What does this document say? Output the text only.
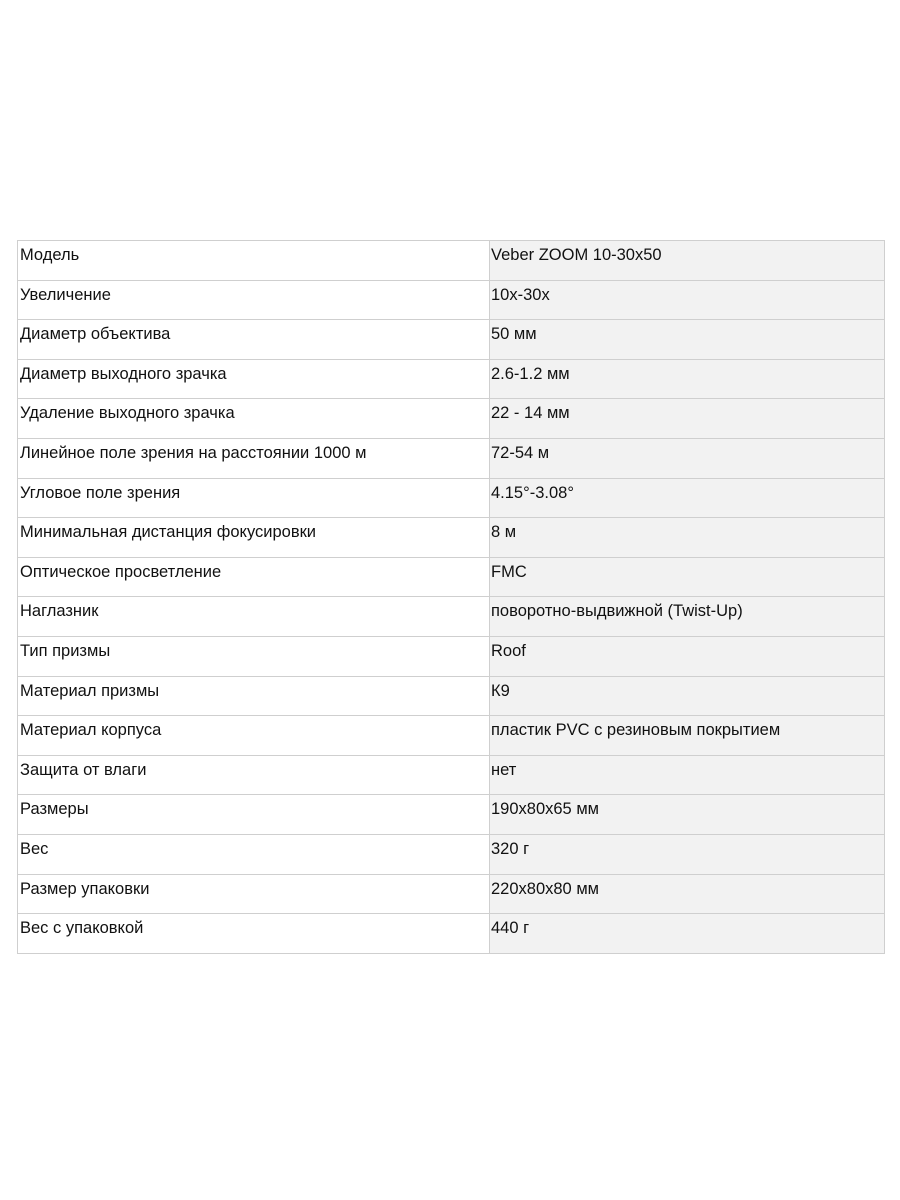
Модель	Veber ZOOM 10-30x50
Увеличение	10x-30x
Диаметр объектива	50 мм
Диаметр выходного зрачка	2.6-1.2 мм
Удаление выходного зрачка	22 - 14 мм
Линейное поле зрения на расстоянии 1000 м	72-54 м
Угловое поле зрения	4.15°-3.08°
Минимальная дистанция фокусировки	8 м
Оптическое просветление	FMC
Наглазник	поворотно-выдвижной (Twist-Up)
Тип призмы	Roof
Материал призмы	К9
Материал корпуса	пластик PVC с резиновым покрытием
Защита от влаги	нет
Размеры	190x80x65 мм
Вес	320 г
Размер упаковки	220x80x80 мм
Вес с упаковкой	440 г
